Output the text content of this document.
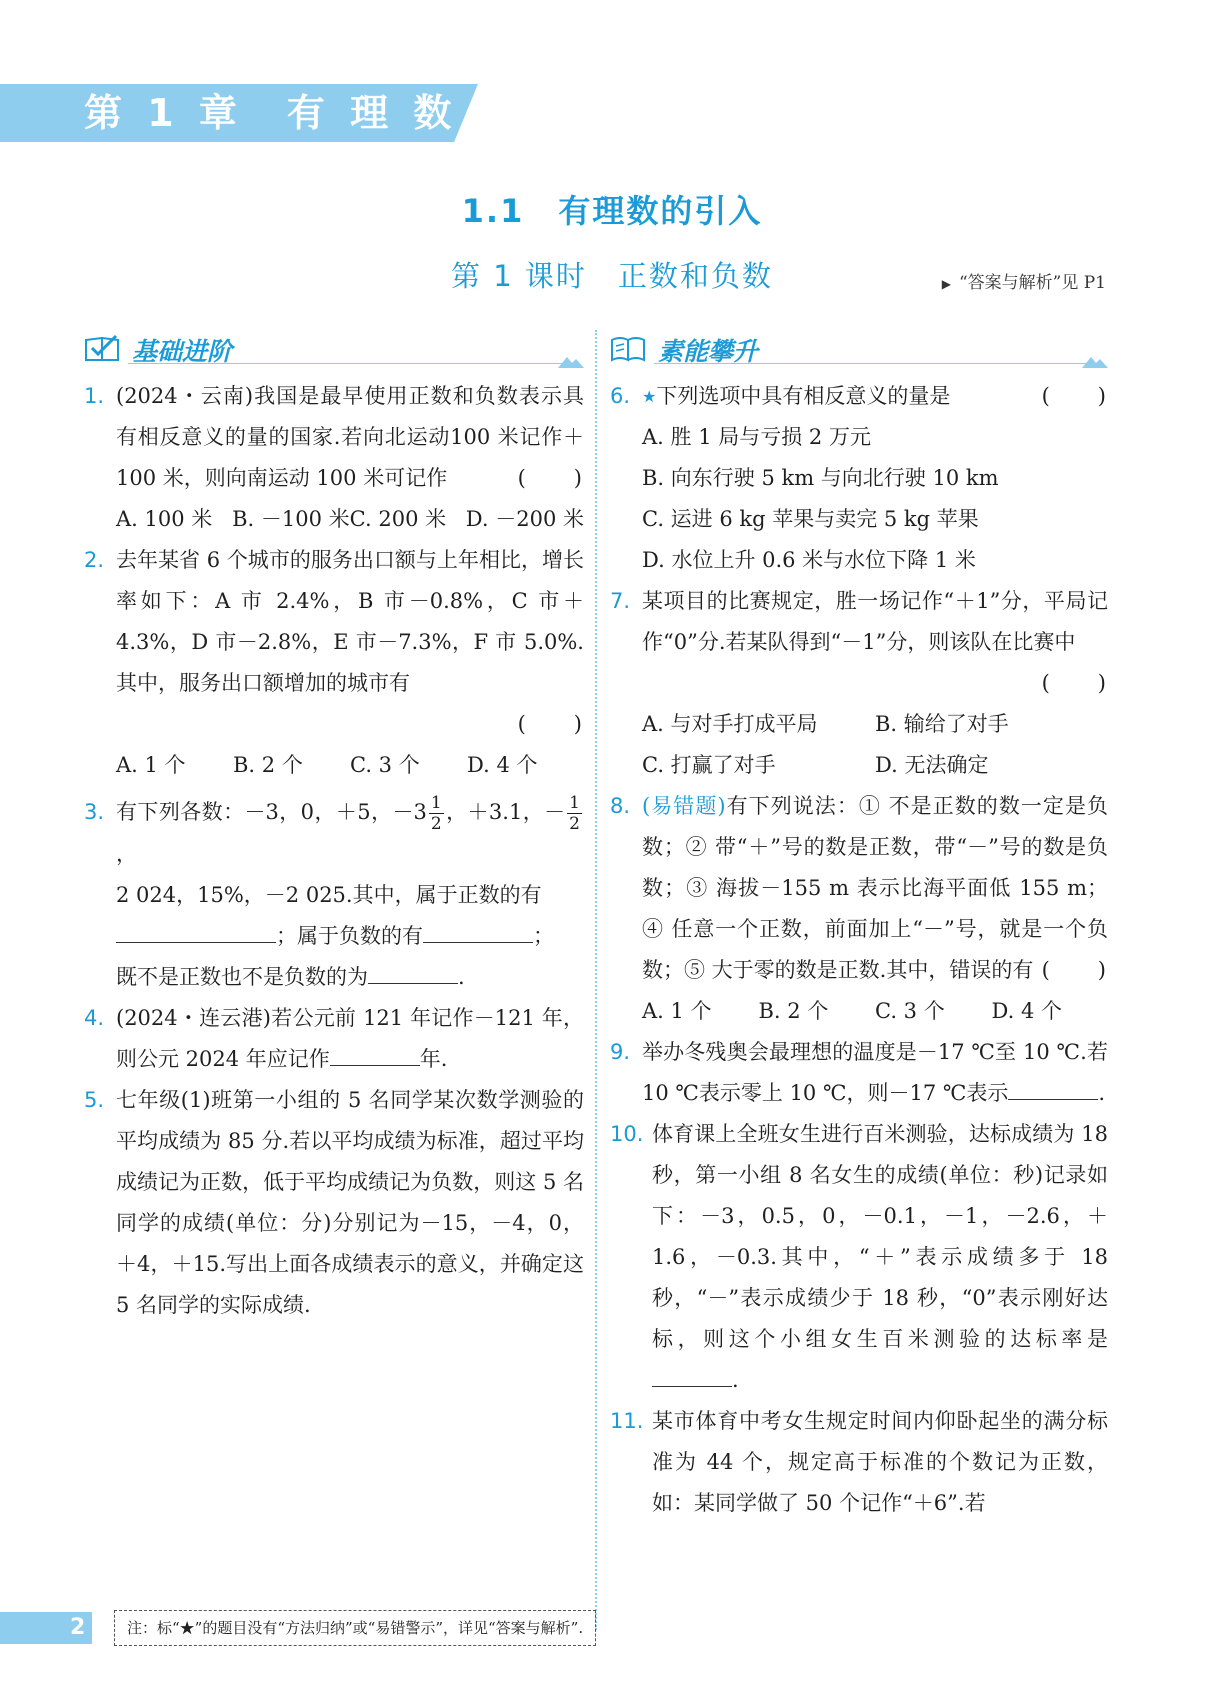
第 1 章　有 理 数
1.1　有理数的引入
第 1 课时　正数和负数	▶ “答案与解析”见 P1
基础进阶
1. (2024・云南)我国是最早使用正数和负数表示具有相反意义的量的国家.若向北运动100 米记作＋100 米，则向南运动 100 米可记作	(　　)
A. 100 米 B. －100 米 C. 200 米 D. －200 米
2. 去年某省 6 个城市的服务出口额与上年相比，增长率如下：A 市 2.4%，B 市－0.8%，C 市＋4.3%，D 市－2.8%，E 市－7.3%，F 市 5.0%.其中，服务出口额增加的城市有

(　　)
A. 1 个	B. 2 个	C. 3 个	D. 4 个
3. 有下列各数：－3，0，＋5，$-3 \frac{1}{2}$ ，＋3.1，－ $\frac{1}{2}$
，
2 024，15%，－2 025.其中，属于正数的有
；属于负数的有	；
既不是正数也不是负数的为	.
4. (2024・连云港)若公元前 121 年记作－121 年，则公元 2024 年应记作	年.
5. 七年级(1)班第一小组的 5 名同学某次数学测验的平均成绩为 85 分.若以平均成绩为标准，超过平均成绩记为正数，低于平均成绩记为负数，则这 5 名同学的成绩(单位：分)分别记为－15，－4，0，＋4，＋15.写出上面各成绩表示的意义，并确定这 5 名同学的实际成绩.
素能攀升
6. ★下列选项中具有相反意义的量是	(　　)
A. 胜 1 局与亏损 2 万元
B. 向东行驶 5 km 与向北行驶 10 km
C. 运进 6 kg 苹果与卖完 5 kg 苹果
D. 水位上升 0.6 米与水位下降 1 米
7. 某项目的比赛规定，胜一场记作“＋1”分，平局记作“0”分.若某队得到“－1”分，则该队在比赛中
(　　)
A. 与对手打成平局	B. 输给了对手
C. 打赢了对手	D. 无法确定
8. (易错题)有下列说法：① 不是正数的数一定是负数；② 带“＋”号的数是正数，带“－”号的数是负数；③ 海拔－155 m 表示比海平面低 155 m；④ 任意一个正数，前面加上“－”号，就是一个负数；⑤ 大于零的数是正数.其中，错误的有 (　　)
A. 1 个	B. 2 个	C. 3 个	D. 4 个
9. 举办冬残奥会最理想的温度是－17 ℃至 10 ℃.若 10 ℃表示零上 10 ℃，则－17 ℃表示	.
10. 体育课上全班女生进行百米测验，达标成绩为 18 秒，第一小组 8 名女生的成绩(单位：秒)记录如下：－3，0.5，0，－0.1，－1，－2.6，＋1.6，－0.3.其中，“＋”表示成绩多于 18 秒，“－”表示成绩少于 18 秒，“0”表示刚好达标，则这个小组女生百米测验的达标率是.
11. 某市体育中考女生规定时间内仰卧起坐的满分标准为 44 个，规定高于标准的个数记为正数，如：某同学做了 50 个记作“＋6”.若
2	注：标“★”的题目没有“方法归纳”或“易错警示”，详见“答案与解析”.
